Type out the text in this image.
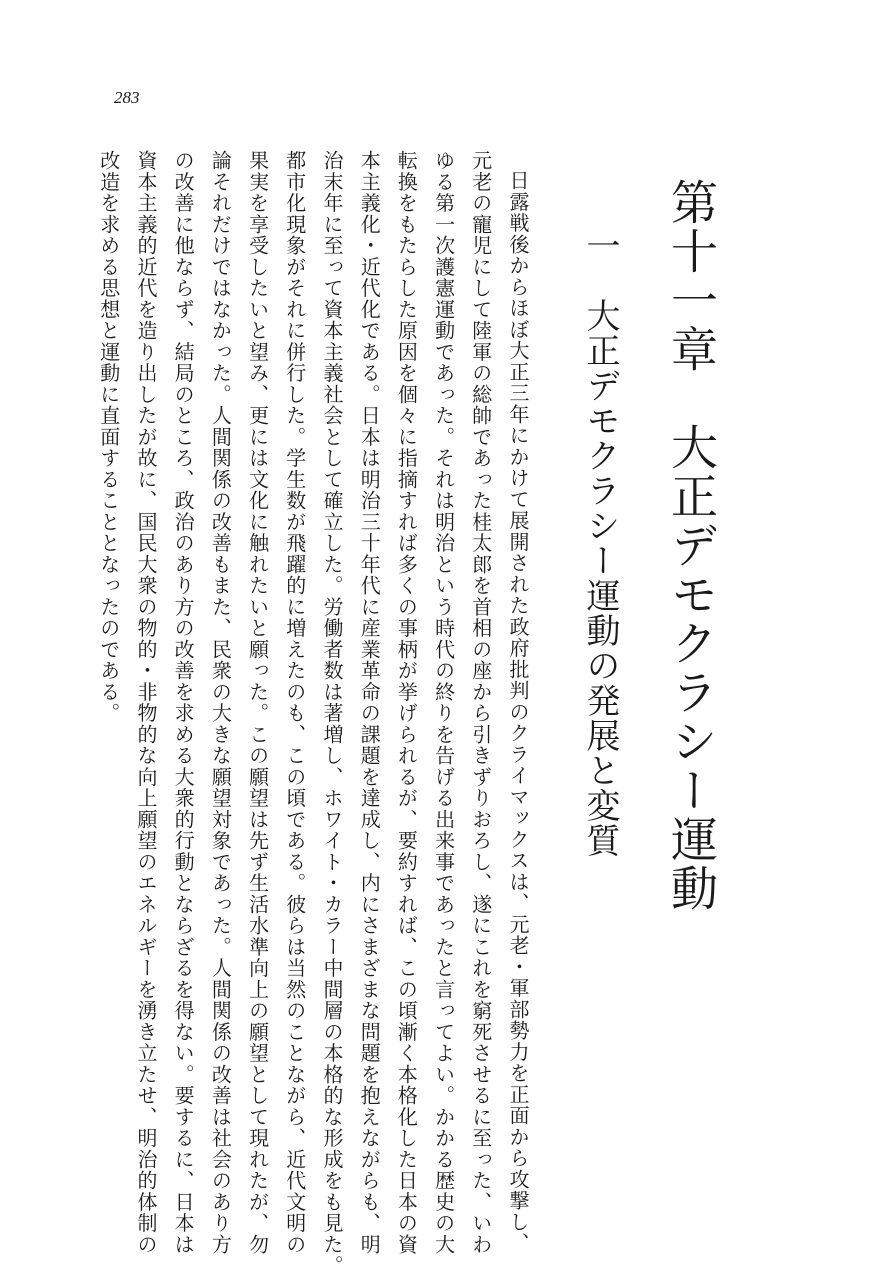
283
第十一章　大正デモクラシー運動
一　大正デモクラシー運動の発展と変質
日露戦後からほぼ大正三年にかけて展開された政府批判のクライマックスは、元老・軍部勢力を正面から攻撃し、
元老の寵児にして陸軍の総帥であった桂太郎を首相の座から引きずりおろし、遂にこれを窮死させるに至った、いわ
ゆる第一次護憲運動であった。それは明治という時代の終りを告げる出来事であったと言ってよい。かかる歴史の大
転換をもたらした原因を個々に指摘すれば多くの事柄が挙げられるが、要約すれば、この頃漸く本格化した日本の資
本主義化・近代化である。日本は明治三十年代に産業革命の課題を達成し、内にさまざまな問題を抱えながらも、明
治末年に至って資本主義社会として確立した。労働者数は著増し、ホワイト・カラー中間層の本格的な形成をも見た。
都市化現象がそれに併行した。学生数が飛躍的に増えたのも、この頃である。彼らは当然のことながら、近代文明の
果実を享受したいと望み、更には文化に触れたいと願った。この願望は先ず生活水準向上の願望として現れたが、勿
論それだけではなかった。人間関係の改善もまた、民衆の大きな願望対象であった。人間関係の改善は社会のあり方
の改善に他ならず、結局のところ、政治のあり方の改善を求める大衆的行動とならざるを得ない。要するに、日本は
資本主義的近代を造り出したが故に、国民大衆の物的・非物的な向上願望のエネルギーを湧き立たせ、明治的体制の
改造を求める思想と運動に直面することとなったのである。
